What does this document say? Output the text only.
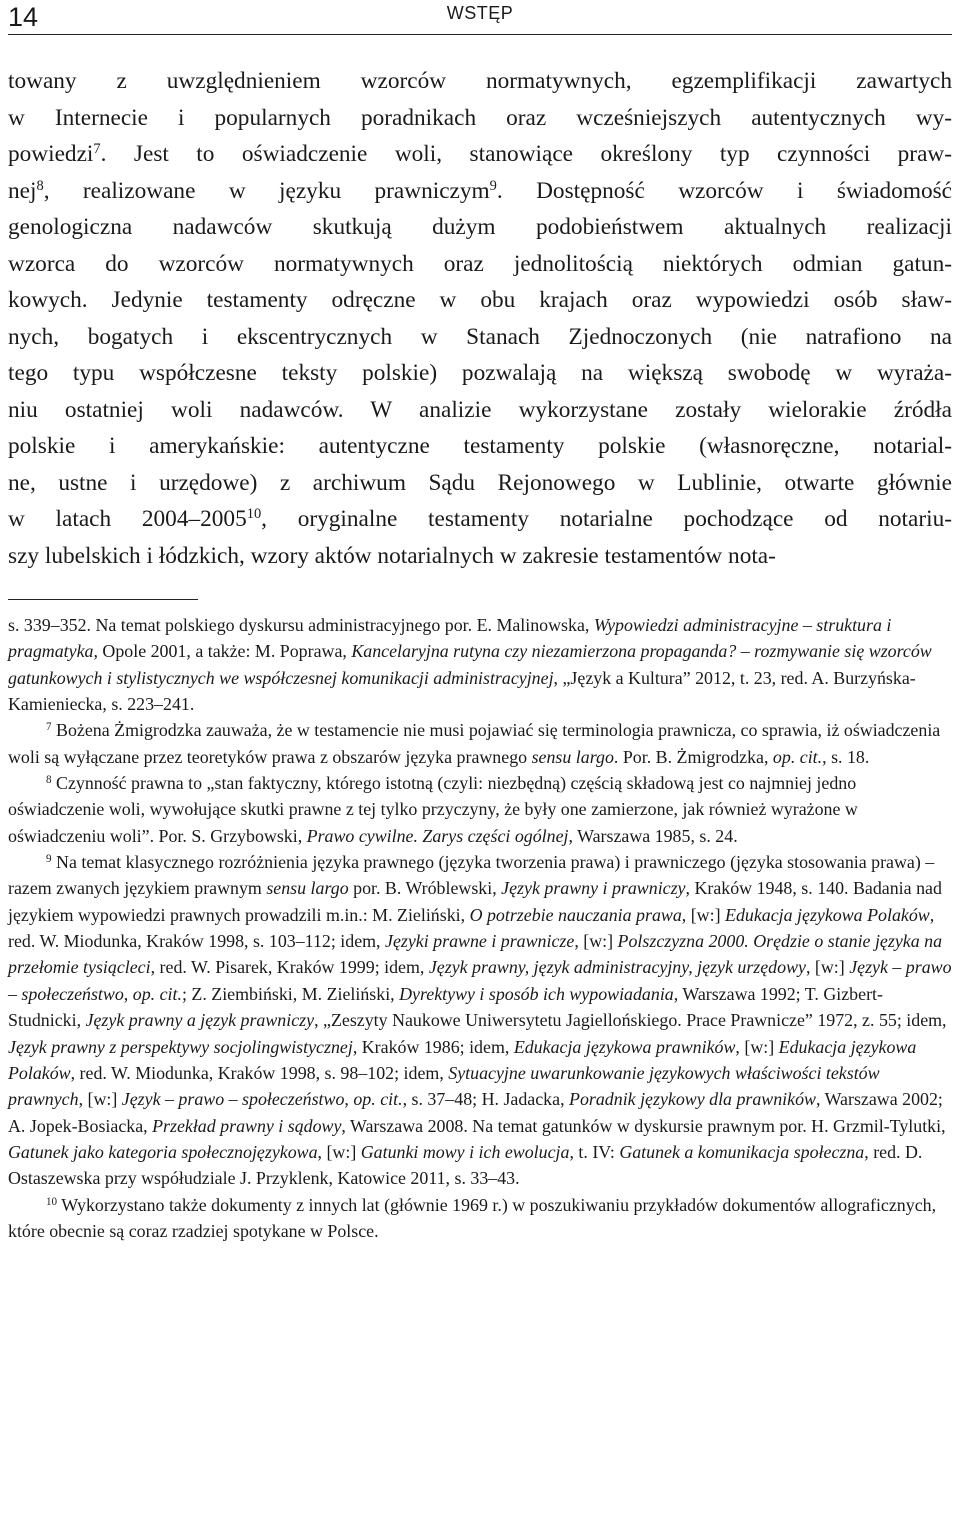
14	WSTĘP
towany z uwzględnieniem wzorców normatywnych, egzemplifikacji zawartych
w Internecie i popularnych poradnikach oraz wcześniejszych autentycznych wy-
powiedzi$^7$. Jest to oświadczenie woli, stanowiące określony typ czynności praw-
nej$^8$, realizowane w języku prawniczym$^9$. Dostępność wzorców i świadomość
genologiczna nadawców skutkują dużym podobieństwem aktualnych realizacji
wzorca do wzorców normatywnych oraz jednolitością niektórych odmian gatun-
kowych. Jedynie testamenty odręczne w obu krajach oraz wypowiedzi osób sław-
nych, bogatych i ekscentrycznych w Stanach Zjednoczonych (nie natrafiono na
tego typu współczesne teksty polskie) pozwalają na większą swobodę w wyraża-
niu ostatniej woli nadawców. W analizie wykorzystane zostały wielorakie źródła
polskie i amerykańskie: autentyczne testamenty polskie (własnoręczne, notarial-
ne, ustne i urzędowe) z archiwum Sądu Rejonowego w Lublinie, otwarte głównie
w latach 2004–2005$^{10}$, oryginalne testamenty notarialne pochodzące od notariu-
szy lubelskich i łódzkich, wzory aktów notarialnych w zakresie testamentów nota-
s. 339–352. Na temat polskiego dyskursu administracyjnego por. E. Malinowska, Wypowiedzi administracyjne – struktura i pragmatyka, Opole 2001, a także: M. Poprawa, Kancelaryjna rutyna czy niezamierzona propaganda? – rozmywanie się wzorców gatunkowych i stylistycznych we współczesnej komunikacji administracyjnej, „Język a Kultura” 2012, t. 23, red. A. Burzyńska-Kamieniecka, s. 223–241.
$^7$ Bożena Żmigrodzka zauważa, że w testamencie nie musi pojawiać się terminologia prawnicza, co sprawia, iż oświadczenia woli są wyłączane przez teoretyków prawa z obszarów języka prawnego sensu largo. Por. B. Żmigrodzka, op. cit., s. 18.
$^8$ Czynność prawna to „stan faktyczny, którego istotną (czyli: niezbędną) częścią składową jest co najmniej jedno oświadczenie woli, wywołujące skutki prawne z tej tylko przyczyny, że były one zamierzone, jak również wyrażone w oświadczeniu woli”. Por. S. Grzybowski, Prawo cywilne. Zarys części ogólnej, Warszawa 1985, s. 24.
$^9$ Na temat klasycznego rozróżnienia języka prawnego (języka tworzenia prawa) i prawniczego (języka stosowania prawa) – razem zwanych językiem prawnym sensu largo por. B. Wróblewski, Język prawny i prawniczy, Kraków 1948, s. 140. Badania nad językiem wypowiedzi prawnych prowadzili m.in.: M. Zieliński, O potrzebie nauczania prawa, [w:] Edukacja językowa Polaków, red. W. Miodunka, Kraków 1998, s. 103–112; idem, Języki prawne i prawnicze, [w:] Polszczyzna 2000. Orędzie o stanie języka na przełomie tysiącleci, red. W. Pisarek, Kraków 1999; idem, Język prawny, język administracyjny, język urzędowy, [w:] Język – prawo – społeczeństwo, op. cit.; Z. Ziembiński, M. Zieliński, Dyrektywy i sposób ich wypowiadania, Warszawa 1992; T. Gizbert-Studnicki, Język prawny a język prawniczy, „Zeszyty Naukowe Uniwersytetu Jagiellońskiego. Prace Prawnicze” 1972, z. 55; idem, Język prawny z perspektywy socjolingwistycznej, Kraków 1986; idem, Edukacja językowa prawników, [w:] Edukacja językowa Polaków, red. W. Miodunka, Kraków 1998, s. 98–102; idem, Sytuacyjne uwarunkowanie językowych właściwości tekstów prawnych, [w:] Język – prawo – społeczeństwo, op. cit., s. 37–48; H. Jadacka, Poradnik językowy dla prawników, Warszawa 2002; A. Jopek-Bosiacka, Przekład prawny i sądowy, Warszawa 2008. Na temat gatunków w dyskursie prawnym por. H. Grzmil-Tylutki, Gatunek jako kategoria społecznojęzykowa, [w:] Gatunki mowy i ich ewolucja, t. IV: Gatunek a komunikacja społeczna, red. D. Ostaszewska przy współudziale J. Przyklenk, Katowice 2011, s. 33–43.
$^{10}$ Wykorzystano także dokumenty z innych lat (głównie 1969 r.) w poszukiwaniu przykładów dokumentów allograficznych, które obecnie są coraz rzadziej spotykane w Polsce.
